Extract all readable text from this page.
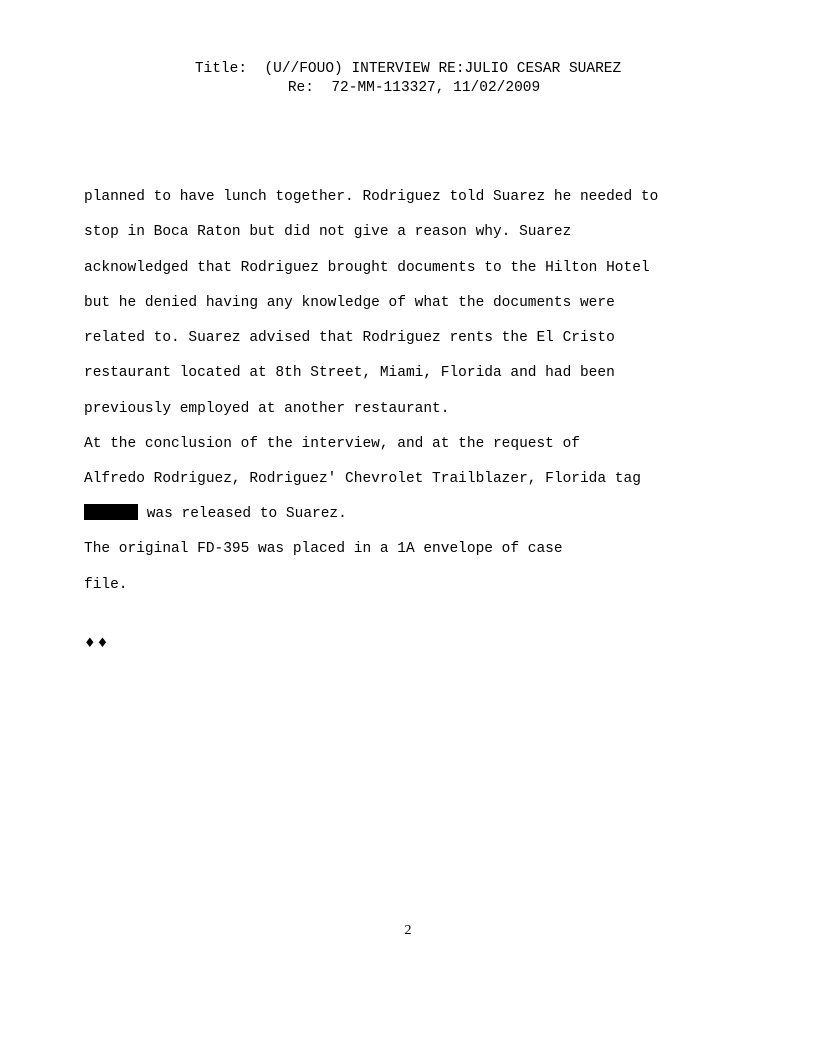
Title:  (U//FOUO) INTERVIEW RE:JULIO CESAR SUAREZ
Re:  72-MM-113327, 11/02/2009

planned to have lunch together. Rodriguez told Suarez he needed to

stop in Boca Raton but did not give a reason why. Suarez

acknowledged that Rodriguez brought documents to the Hilton Hotel

but he denied having any knowledge of what the documents were

related to. Suarez advised that Rodriguez rents the El Cristo

restaurant located at 8th Street, Miami, Florida and had been

previously employed at another restaurant.

At the conclusion of the interview, and at the request of

Alfredo Rodriguez, Rodriguez' Chevrolet Trailblazer, Florida tag

was released to Suarez.

The original FD-395 was placed in a 1A envelope of case

file.

♦♦
2
